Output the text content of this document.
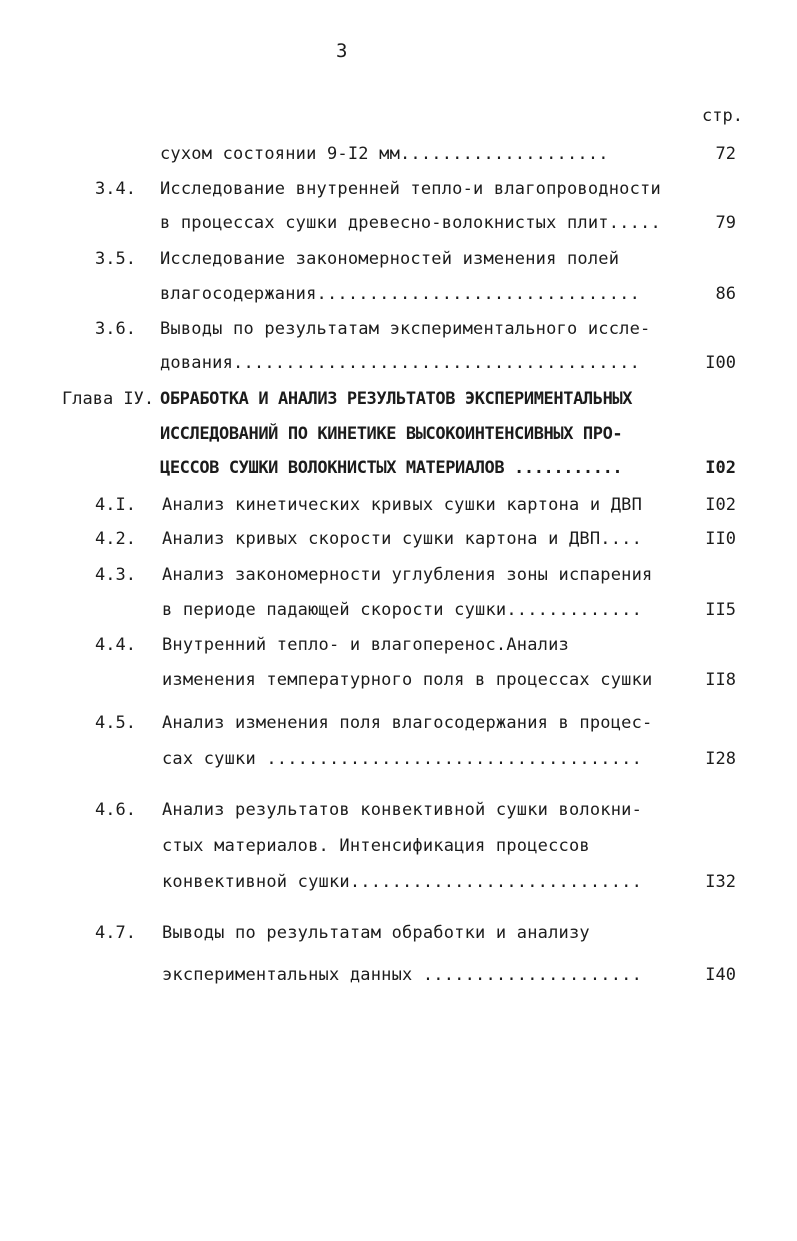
3
стр.
сухом состоянии 9-I2 мм....................	72
3.4. Исследование внутренней тепло-и влагопроводности
в процессах сушки древесно-волокнистых плит.....	79
3.5. Исследование закономерностей изменения полей
влагосодержания...............................	86
3.6. Выводы по результатам экспериментального иссле-
дования.......................................	I00
Глава IУ. ОБРАБОТКА И АНАЛИЗ РЕЗУЛЬТАТОВ ЭКСПЕРИМЕНТАЛЬНЫХ
ИССЛЕДОВАНИЙ ПО КИНЕТИКЕ ВЫСОКОИНТЕНСИВНЫХ ПРО-
ЦЕССОВ СУШКИ ВОЛОКНИСТЫХ МАТЕРИАЛОВ ...........	I02
4.I. Анализ кинетических кривых сушки картона и ДВП	I02
4.2. Анализ кривых скорости сушки картона и ДВП....	II0
4.3. Анализ закономерности углубления зоны испарения
в периоде падающей скорости сушки.............	II5
4.4. Внутренний тепло- и влагоперенос.Анализ
изменения температурного поля в процессах сушки	II8
4.5. Анализ изменения поля влагосодержания в процес-
сах сушки ....................................	I28
4.6. Анализ результатов конвективной сушки волокни-
стых материалов. Интенсификация процессов
конвективной сушки............................	I32
4.7. Выводы по результатам обработки и анализу
экспериментальных данных .....................	I40
